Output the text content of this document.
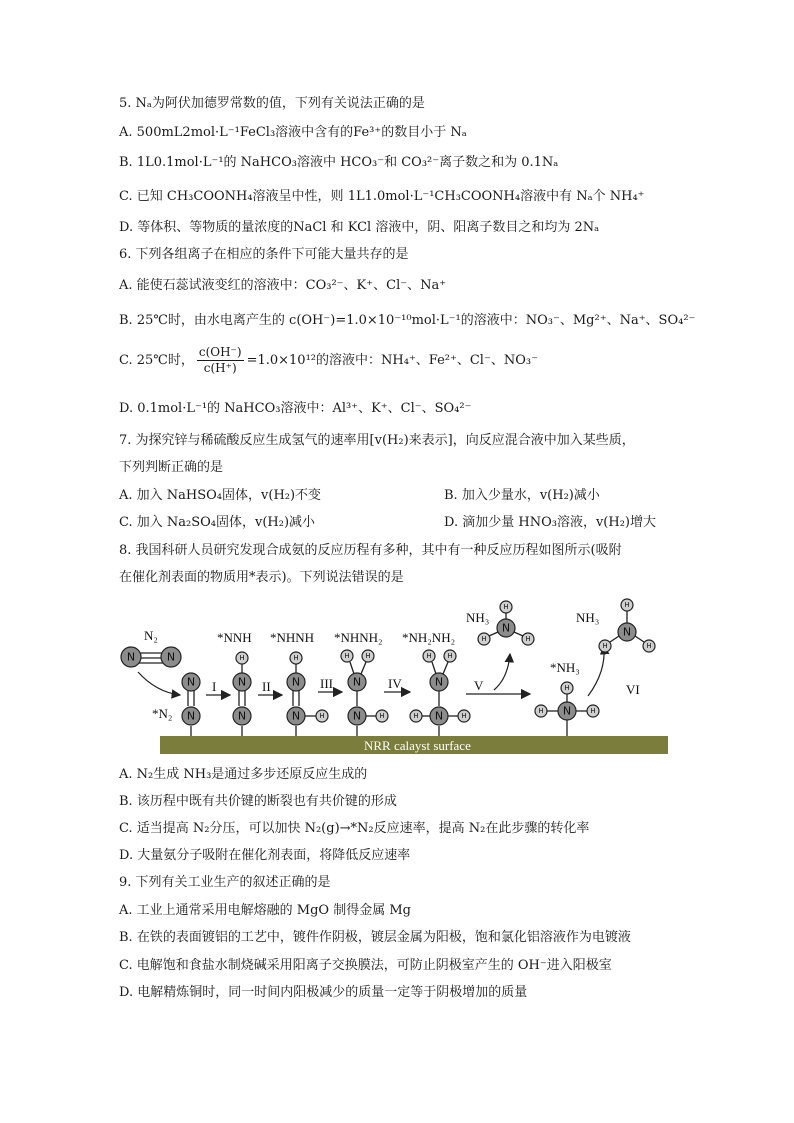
5. Nₐ为阿伏加德罗常数的值，下列有关说法正确的是
A. 500mL2mol·L⁻¹FeCl₃溶液中含有的Fe³⁺的数目小于 Nₐ
B. 1L0.1mol·L⁻¹的 NaHCO₃溶液中 HCO₃⁻和 CO₃²⁻离子数之和为 0.1Nₐ
C. 已知 CH₃COONH₄溶液呈中性，则 1L1.0mol·L⁻¹CH₃COONH₄溶液中有 Nₐ个 NH₄⁺
D. 等体积、等物质的量浓度的NaCl 和 KCl 溶液中，阴、阳离子数目之和均为 2Nₐ
6. 下列各组离子在相应的条件下可能大量共存的是
A. 能使石蕊试液变红的溶液中：CO₃²⁻、K⁺、Cl⁻、Na⁺
B. 25℃时，由水电离产生的 c(OH⁻)=1.0×10⁻¹⁰mol·L⁻¹的溶液中：NO₃⁻、Mg²⁺、Na⁺、SO₄²⁻
C. 25℃时， $\frac{c(OH^-)}{c(H^+)} =1.0\times 10^{12}$的溶液中：NH₄⁺、Fe²⁺、Cl⁻、NO₃⁻
D. 0.1mol·L⁻¹的 NaHCO₃溶液中：Al³⁺、K⁺、Cl⁻、SO₄²⁻
7. 为探究锌与稀硫酸反应生成氢气的速率用[v(H₂)来表示]，向反应混合液中加入某些质，
下列判断正确的是
A. 加入 NaHSO₄固体，v(H₂)不变	B. 加入少量水，v(H₂)减小
C. 加入 Na₂SO₄固体，v(H₂)减小	D. 滴加少量 HNO₃溶液，v(H₂)增大
8. 我国科研人员研究发现合成氨的反应历程有多种，其中有一种反应历程如图所示(吸附
在催化剂表面的物质用*表示)。下列说法错误的是
NRR calayst surface
N₂
N	N
*N₂
N
N
I
*NNH
H
N
N
II
*NHNH
H
N
N	H
III
*NHNH₂
H H
N
N	H
IV
*NH₂NH₂
H H
N
H N	H
V
NH₃
H
N
H	H
*NH₃
H
N
H	H
VI
NH₃
H
N
H	H
A. N₂生成 NH₃是通过多步还原反应生成的
B. 该历程中既有共价键的断裂也有共价键的形成
C. 适当提高 N₂分压，可以加快 N₂(g)→*N₂反应速率，提高 N₂在此步骤的转化率
D. 大量氨分子吸附在催化剂表面，将降低反应速率
9. 下列有关工业生产的叙述正确的是
A. 工业上通常采用电解熔融的 MgO 制得金属 Mg
B. 在铁的表面镀铝的工艺中，镀件作阴极，镀层金属为阳极，饱和氯化铝溶液作为电镀液
C. 电解饱和食盐水制烧碱采用阳离子交换膜法，可防止阴极室产生的 OH⁻进入阳极室
D. 电解精炼铜时，同一时间内阳极减少的质量一定等于阴极增加的质量
